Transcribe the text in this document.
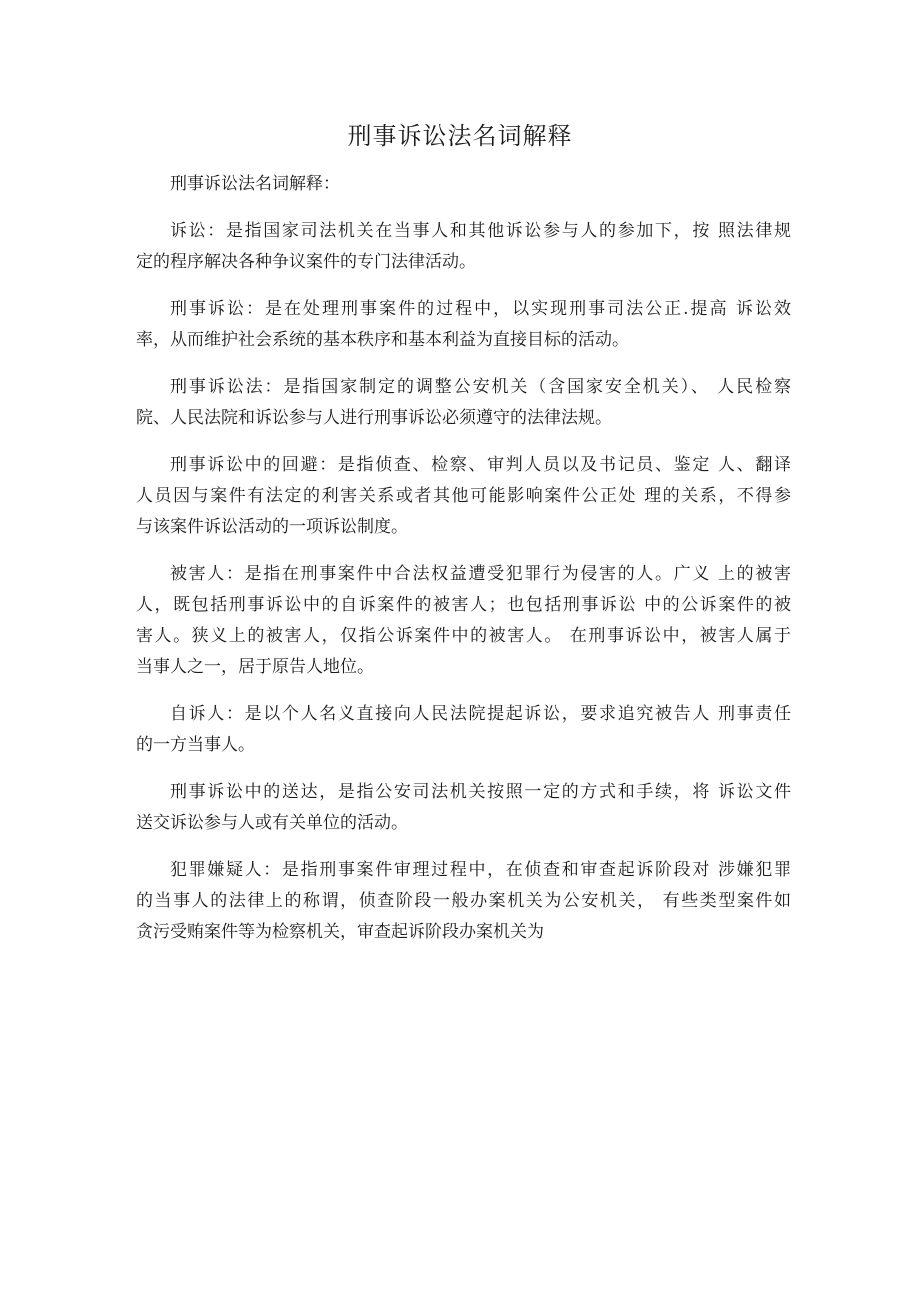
刑事诉讼法名词解释

刑事诉讼法名词解释：

诉讼：是指国家司法机关在当事人和其他诉讼参与人的参加下，按 照法律规
定的程序解决各种争议案件的专门法律活动。

刑事诉讼：是在处理刑事案件的过程中，以实现刑事司法公正.提高 诉讼效
率，从而维护社会系统的基本秩序和基本利益为直接目标的活动。

刑事诉讼法：是指国家制定的调整公安机关（含国家安全机关）、 人民检察
院、人民法院和诉讼参与人进行刑事诉讼必须遵守的法律法规。

刑事诉讼中的回避：是指侦查、检察、审判人员以及书记员、鉴定 人、翻译
人员因与案件有法定的利害关系或者其他可能影响案件公正处 理的关系，不得参
与该案件诉讼活动的一项诉讼制度。

被害人：是指在刑事案件中合法权益遭受犯罪行为侵害的人。广义 上的被害
人，既包括刑事诉讼中的自诉案件的被害人；也包括刑事诉讼 中的公诉案件的被
害人。狭义上的被害人，仅指公诉案件中的被害人。 在刑事诉讼中，被害人属于
当事人之一，居于原告人地位。

自诉人：是以个人名义直接向人民法院提起诉讼，要求追究被告人 刑事责任
的一方当事人。

刑事诉讼中的送达，是指公安司法机关按照一定的方式和手续，将 诉讼文件
送交诉讼参与人或有关单位的活动。

犯罪嫌疑人：是指刑事案件审理过程中，在侦查和审查起诉阶段对 涉嫌犯罪
的当事人的法律上的称谓，侦查阶段一般办案机关为公安机关， 有些类型案件如
贪污受贿案件等为检察机关，审查起诉阶段办案机关为
